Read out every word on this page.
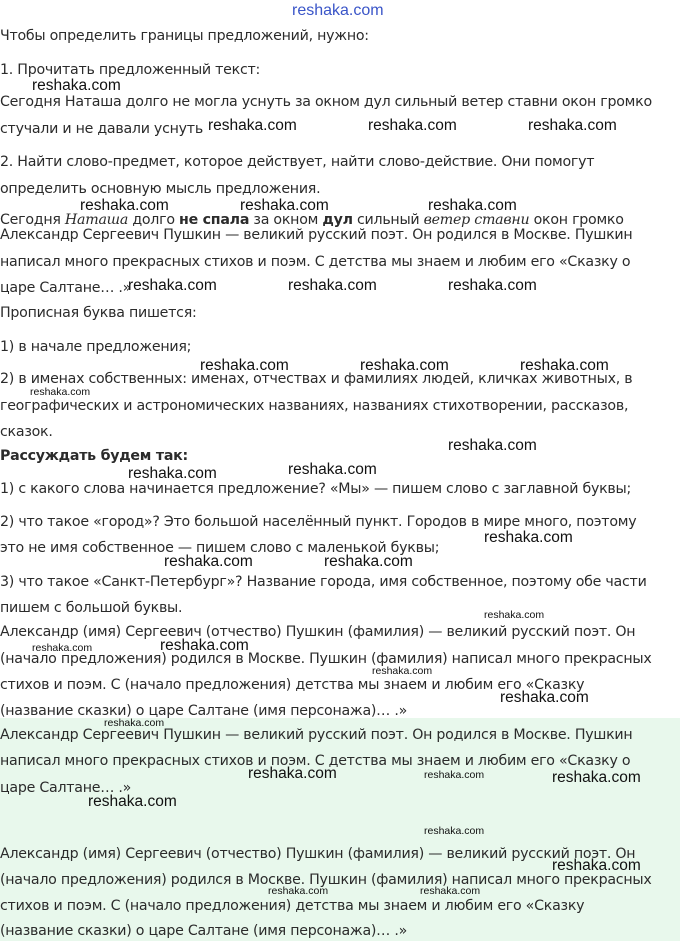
Чтобы определить границы предложений, нужно:
1. Прочитать предложенный текст:
Сегодня Наташа долго не могла уснуть за окном дул сильный ветер ставни окон громко
стучали и не давали уснуть
2. Найти слово-предмет, которое действует, найти слово-действие. Они помогут
определить основную мысль предложения.
Сегодня Наташа долго не спала за окном дул сильный ветер ставни окон громко
Александр Сергеевич Пушкин — великий русский поэт. Он родился в Москве. Пушкин
написал много прекрасных стихов и поэм. С детства мы знаем и любим его «Сказку о
царе Салтане… .»
Прописная буква пишется:
1) в начале предложения;
2) в именах собственных: именах, отчествах и фамилиях людей, кличках животных, в
географических и астрономических названиях, названиях стихотворении, рассказов,
сказок.
Рассуждать будем так:
1) с какого слова начинается предложение? «Мы» — пишем слово с заглавной буквы;
2) что такое «город»? Это большой населённый пункт. Городов в мире много, поэтому
это не имя собственное — пишем слово с маленькой буквы;
3) что такое «Санкт-Петербург»? Название города, имя собственное, поэтому обе части
пишем с большой буквы.
Александр (имя) Сергеевич (отчество) Пушкин (фамилия) — великий русский поэт. Он
(начало предложения) родился в Москве. Пушкин (фамилия) написал много прекрасных
стихов и поэм. С (начало предложения) детства мы знаем и любим его «Сказку
(название сказки) о царе Салтане (имя персонажа)… .»
Александр Сергеевич Пушкин — великий русский поэт. Он родился в Москве. Пушкин
написал много прекрасных стихов и поэм. С детства мы знаем и любим его «Сказку о
царе Салтане… .»
Александр (имя) Сергеевич (отчество) Пушкин (фамилия) — великий русский поэт. Он
(начало предложения) родился в Москве. Пушкин (фамилия) написал много прекрасных
стихов и поэм. С (начало предложения) детства мы знаем и любим его «Сказку
(название сказки) о царе Салтане (имя персонажа)… .»
reshaka.com
reshaka.com
reshaka.com	reshaka.com	reshaka.com
reshaka.com	reshaka.com	reshaka.com
reshaka.com	reshaka.com	reshaka.com
reshaka.com	reshaka.com	reshaka.com
reshaka.com
reshaka.com
reshaka.com	reshaka.com
reshaka.com
reshaka.com	reshaka.com
reshaka.com
reshaka.com	reshaka.com
reshaka.com
reshaka.com
reshaka.com
reshaka.com	reshaka.com	reshaka.com
reshaka.com
reshaka.com
reshaka.com
reshaka.com	reshaka.com
